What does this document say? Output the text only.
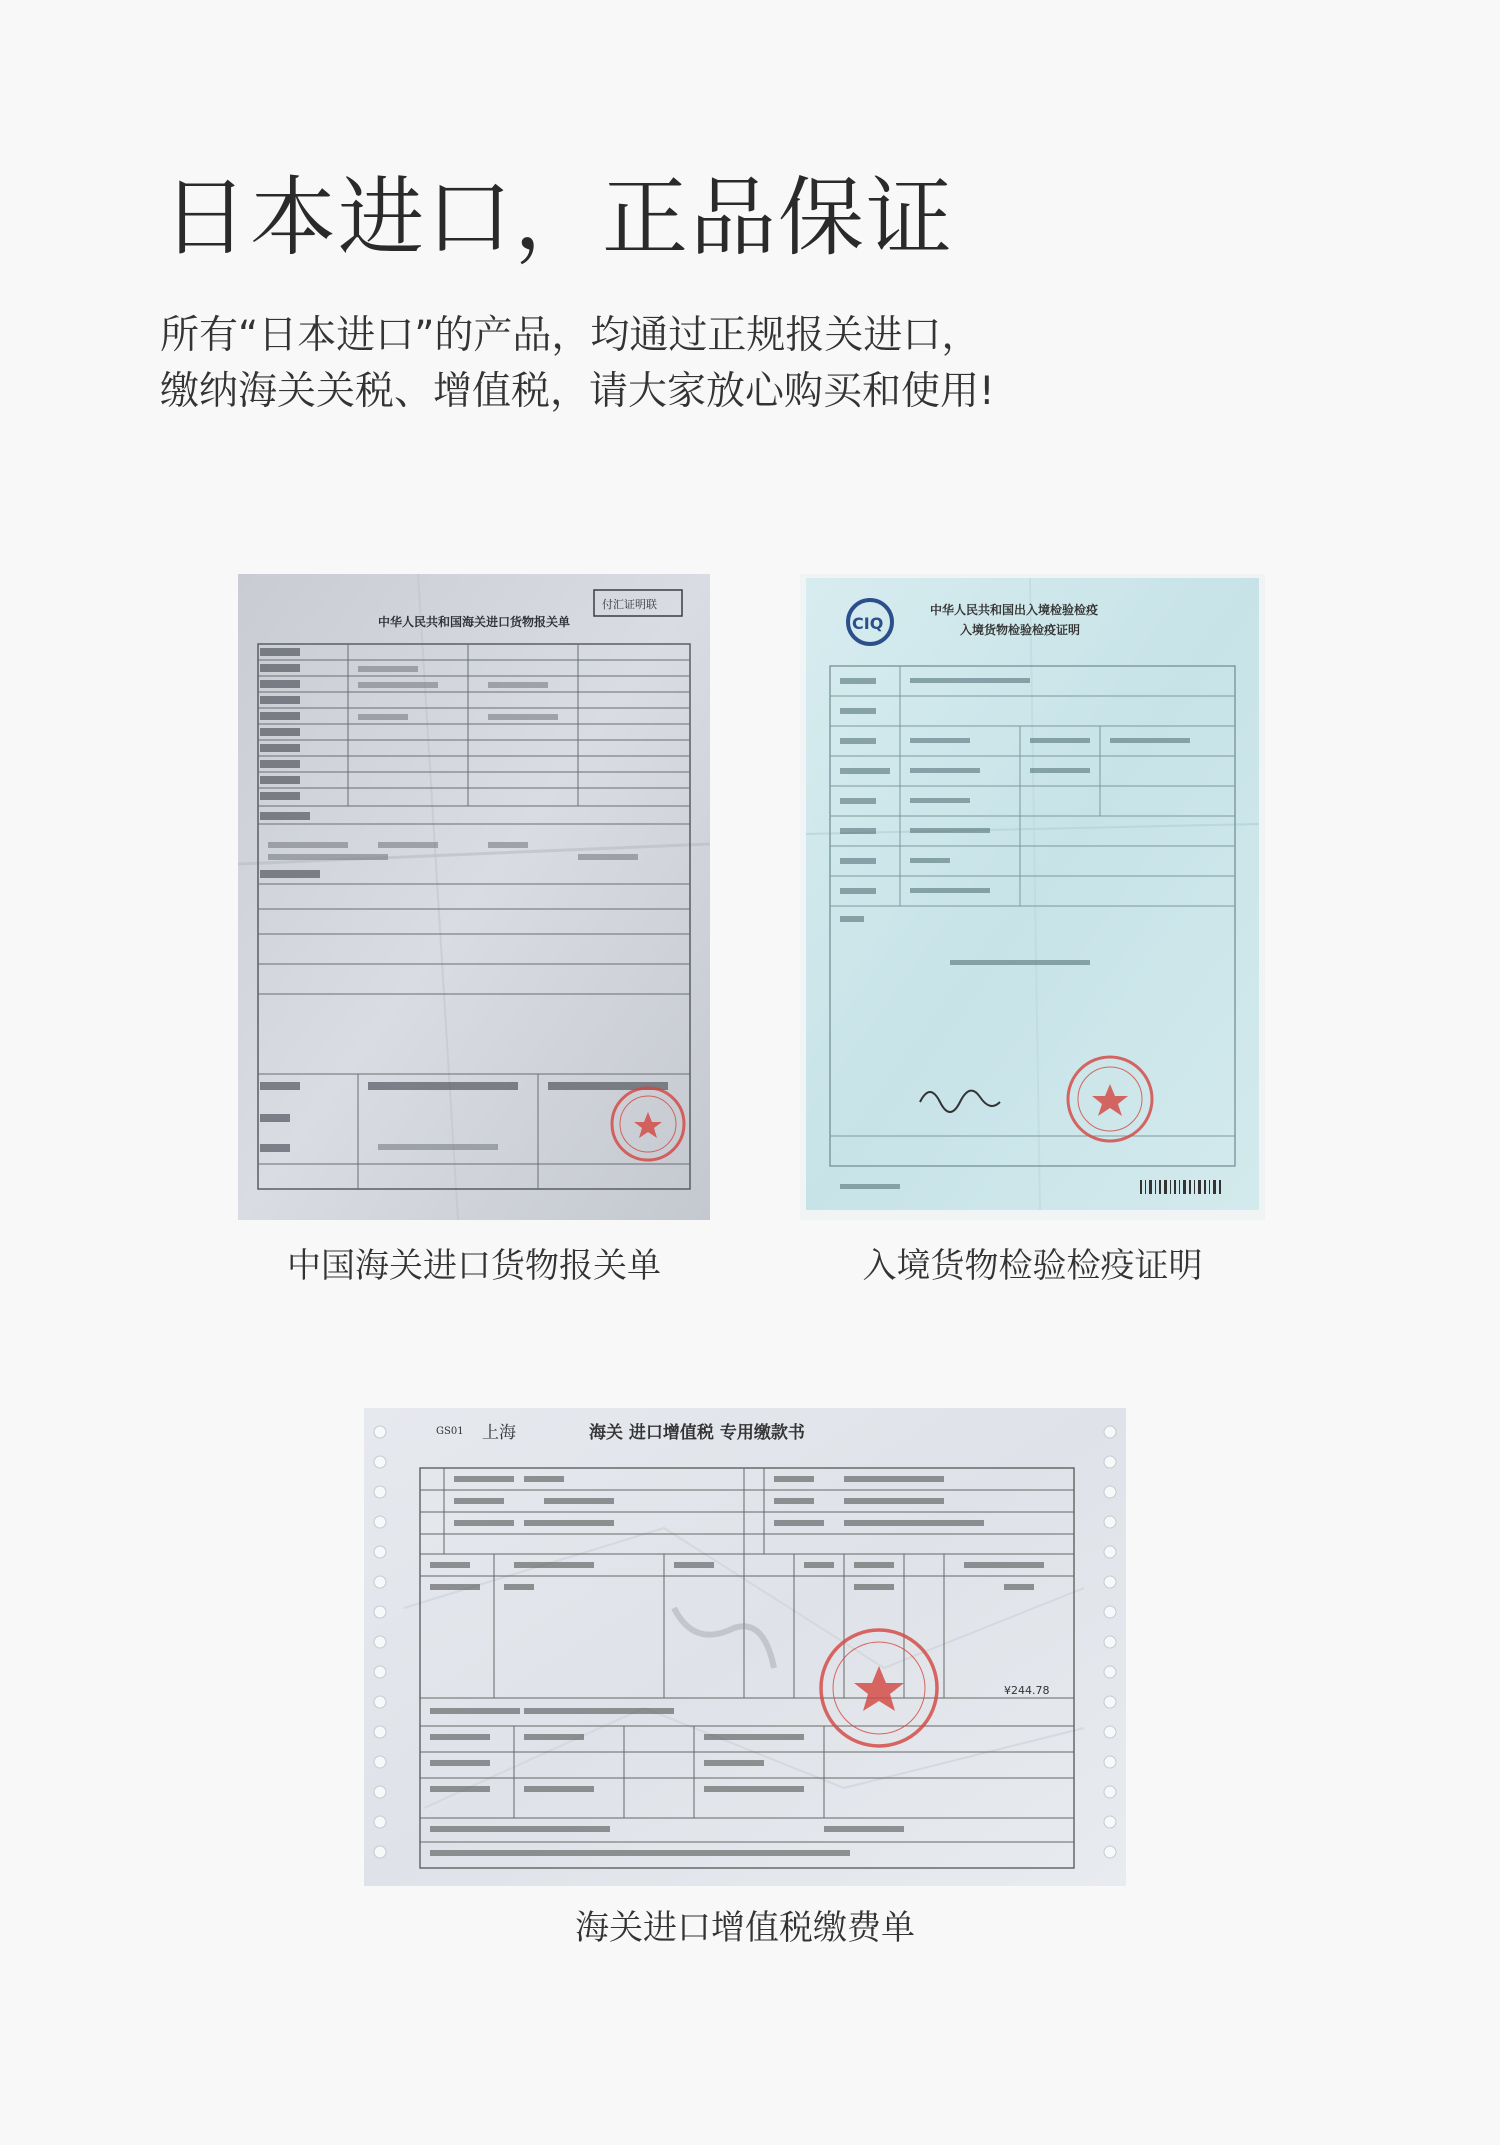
日本进口，正品保证

所有“日本进口”的产品，均通过正规报关进口，
缴纳海关关税、增值税，请大家放心购买和使用!

中华人民共和国海关进口货物报关单
付汇证明联
中国海关进口货物报关单
CIQ
中华人民共和国出入境检验检疫
入境货物检验检疫证明
入境货物检验检疫证明
GS01 上海	海关 进口增值税 专用缴款书
¥244.78
海关进口增值税缴费单
